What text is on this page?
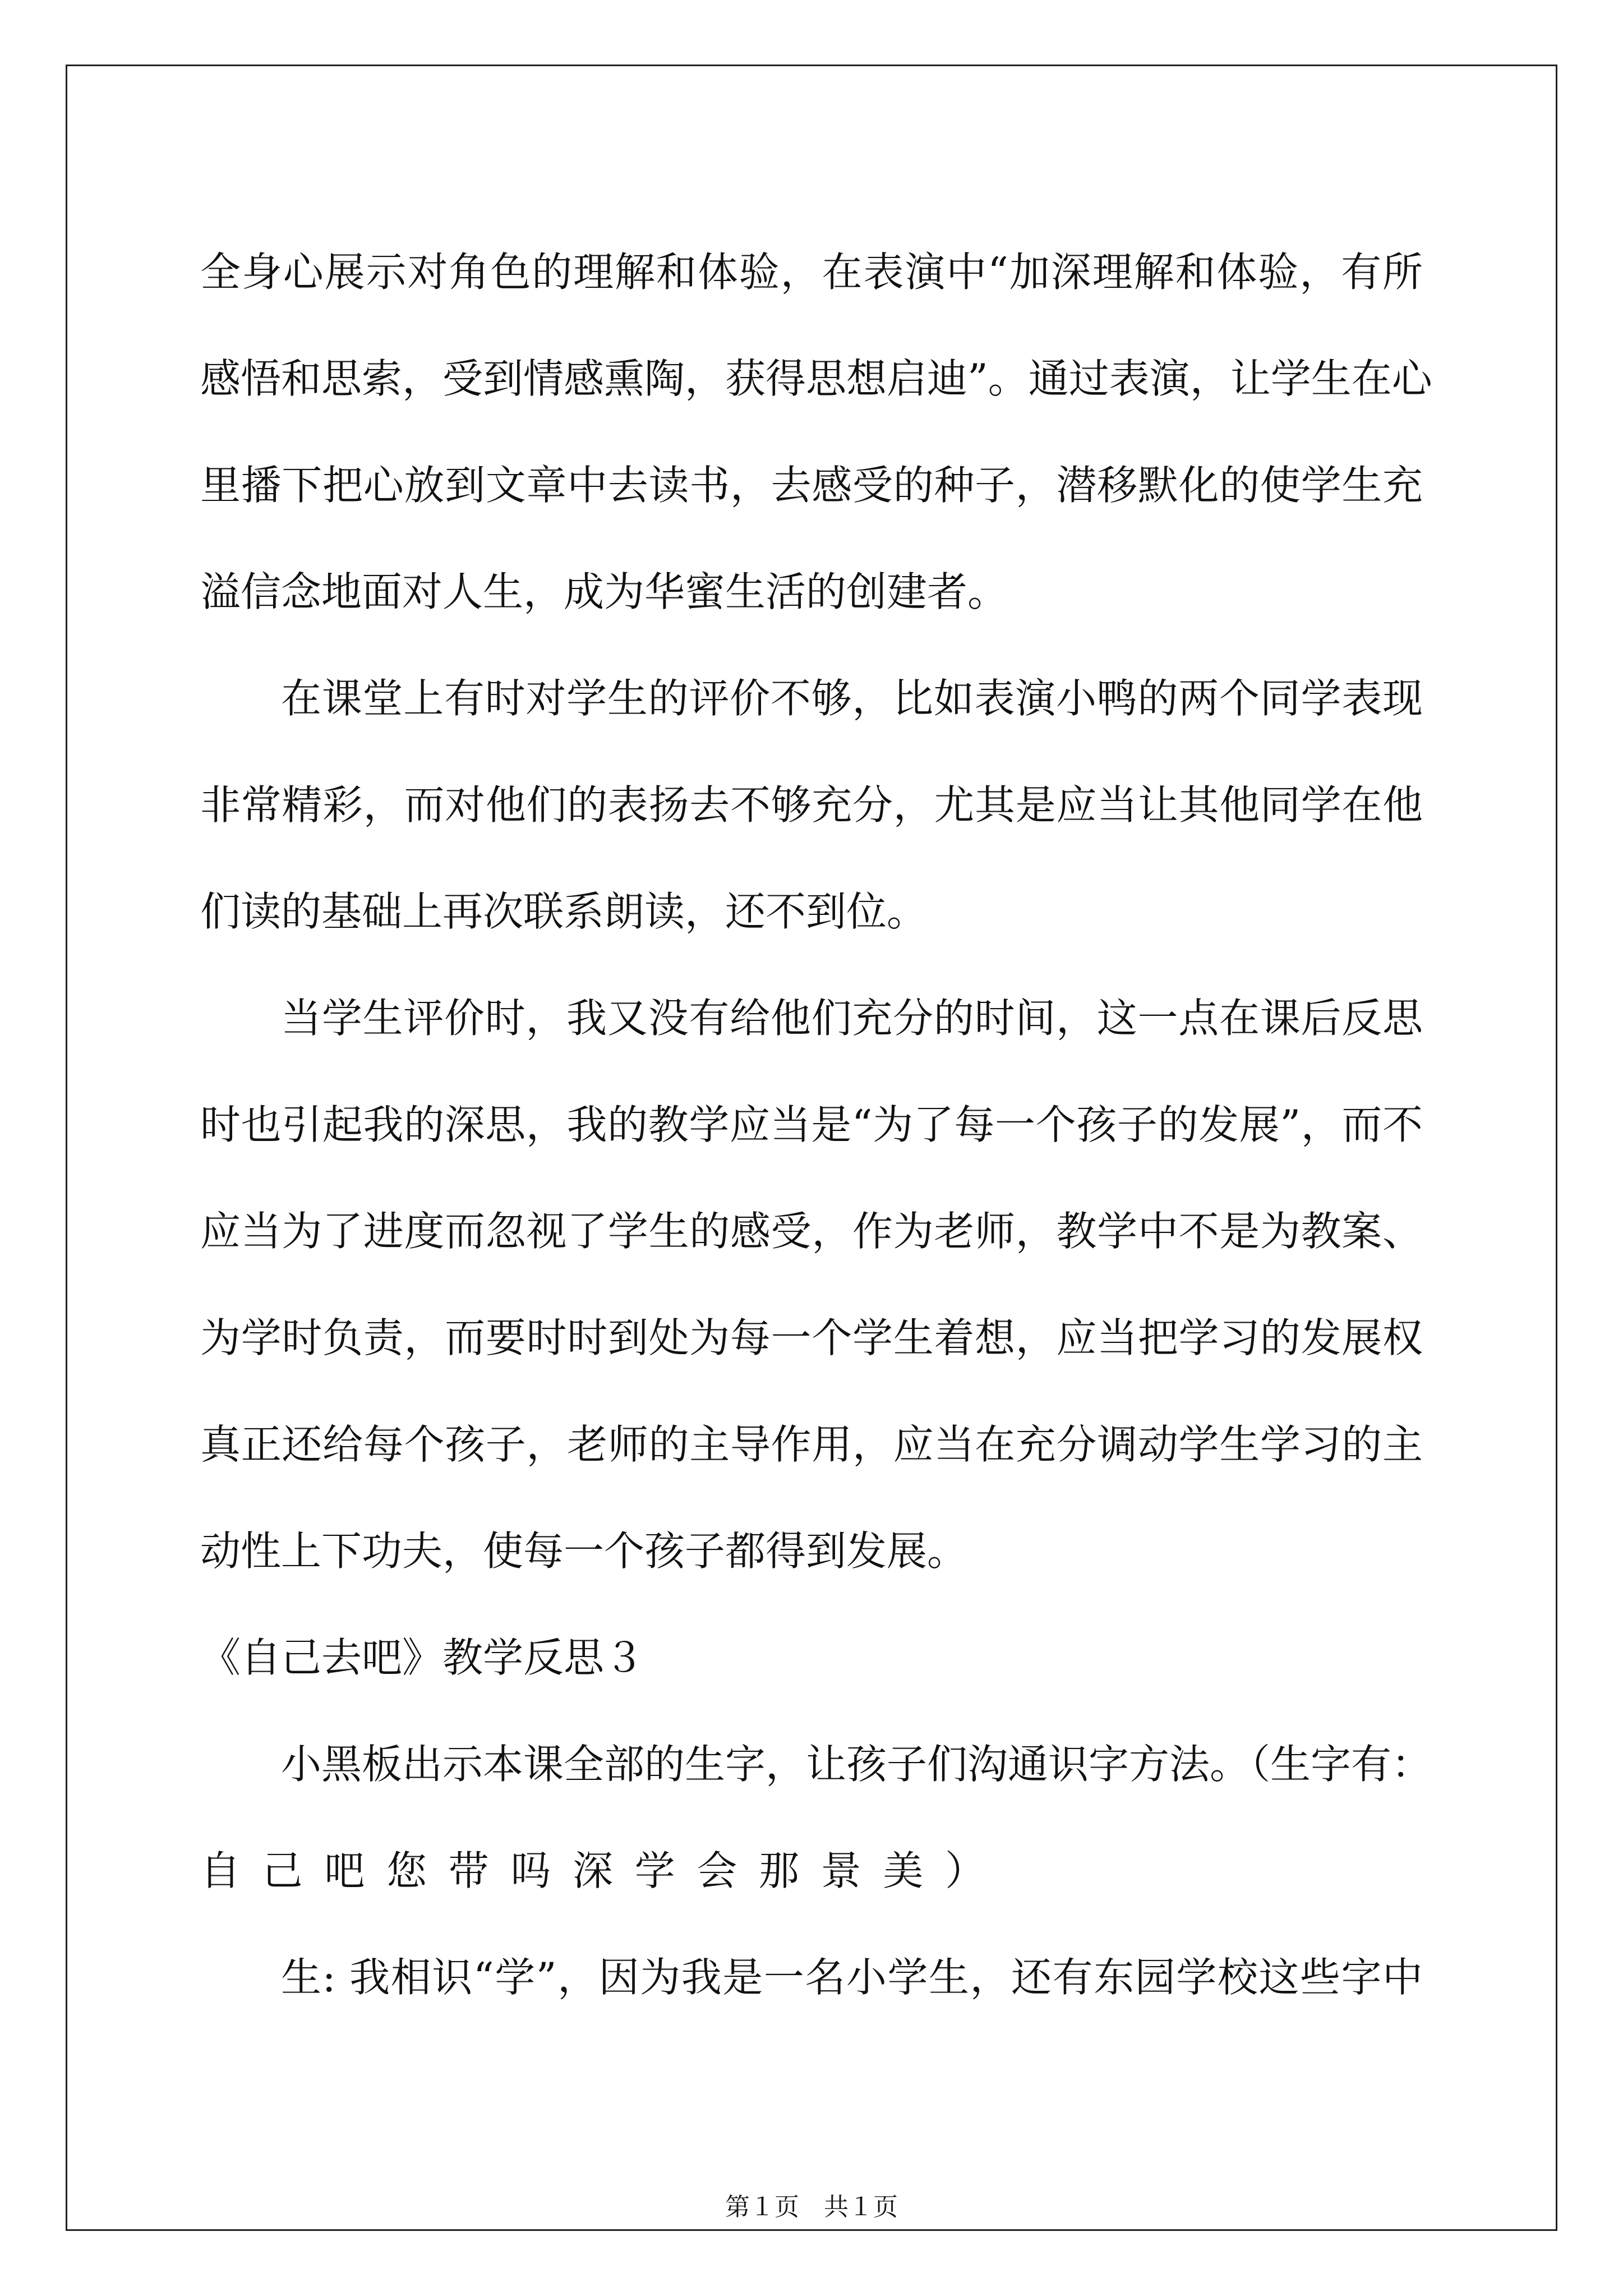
全身心展示对角色的理解和体验，在表演中“加深理解和体验，有所
感悟和思索，受到情感熏陶，获得思想启迪”。通过表演，让学生在心
里播下把心放到文章中去读书，去感受的种子，潜移默化的使学生充
溢信念地面对人生，成为华蜜生活的创建者。
在课堂上有时对学生的评价不够，比如表演小鸭的两个同学表现
非常精彩，而对他们的表扬去不够充分，尤其是应当让其他同学在他
们读的基础上再次联系朗读，还不到位。
当学生评价时，我又没有给他们充分的时间，这一点在课后反思
时也引起我的深思，我的教学应当是“为了每一个孩子的发展”，而不
应当为了进度而忽视了学生的感受，作为老师，教学中不是为教案、
为学时负责，而要时时到处为每一个学生着想，应当把学习的发展权
真正还给每个孩子，老师的主导作用，应当在充分调动学生学习的主
动性上下功夫，使每一个孩子都得到发展。
《自己去吧》教学反思３
小黑板出示本课全部的生字，让孩子们沟通识字方法。（生字有：
自 己 吧 您 带 吗 深 学 会 那 景 美 ）
生: 我相识“学”，因为我是一名小学生，还有东园学校这些字中
第１页　共１页
